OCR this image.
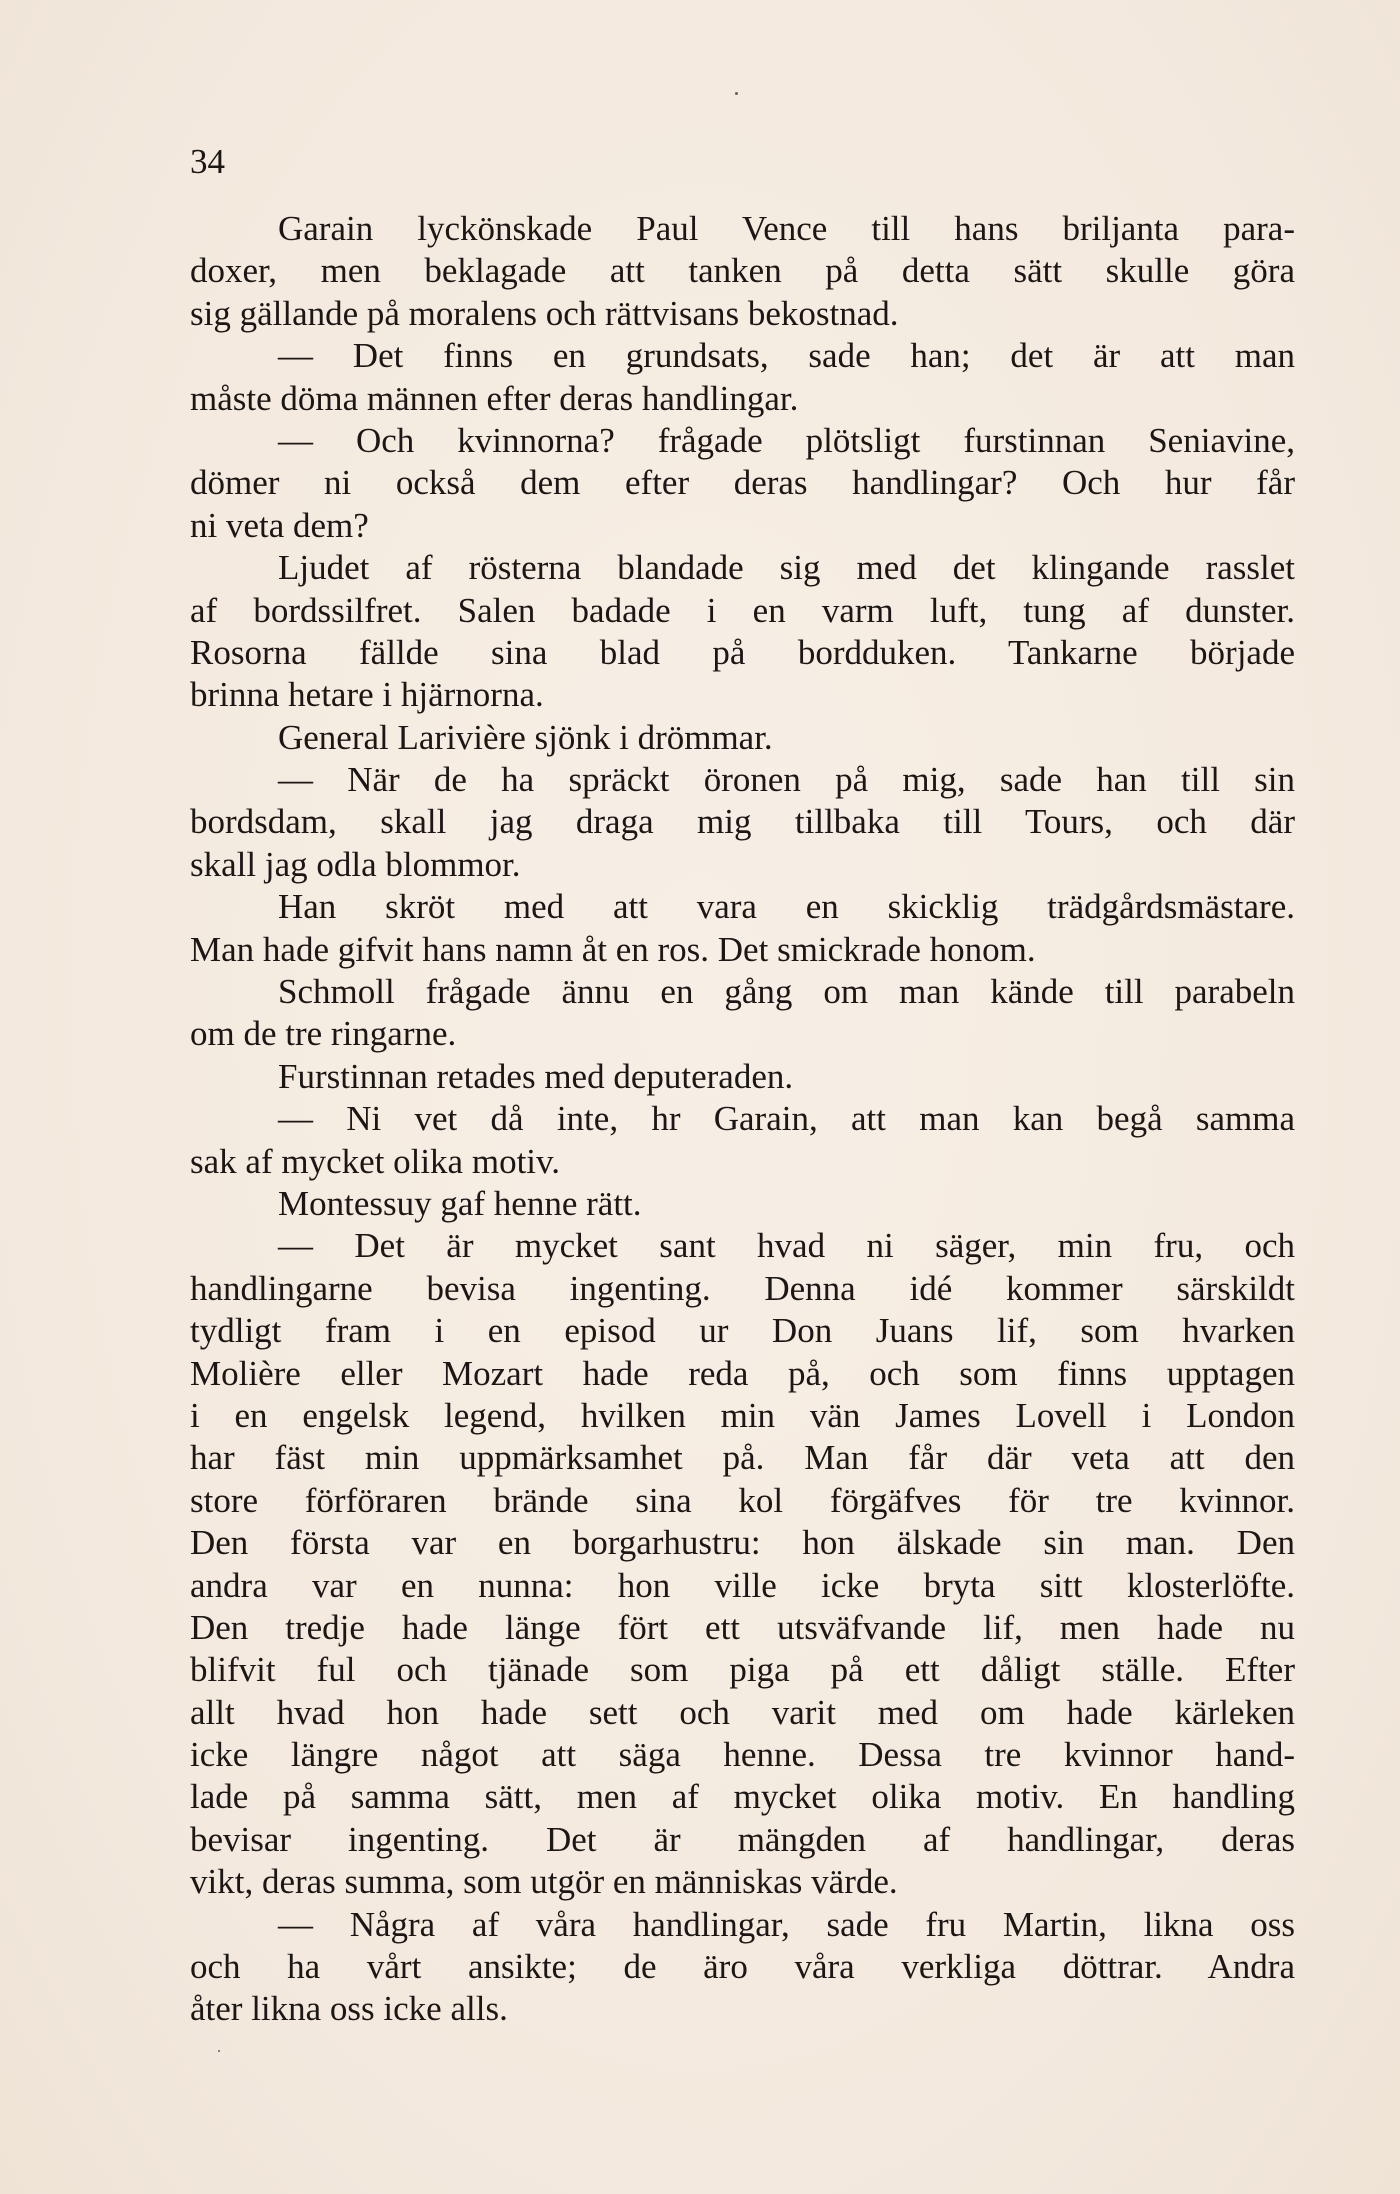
34
Garain lyckönskade Paul Vence till hans briljanta para-
doxer, men beklagade att tanken på detta sätt skulle göra
sig gällande på moralens och rättvisans bekostnad.
— Det finns en grundsats, sade han; det är att man
måste döma männen efter deras handlingar.
— Och kvinnorna? frågade plötsligt furstinnan Seniavine,
dömer ni också dem efter deras handlingar? Och hur får
ni veta dem?
Ljudet af rösterna blandade sig med det klingande rasslet
af bordssilfret. Salen badade i en varm luft, tung af dunster.
Rosorna fällde sina blad på bordduken. Tankarne började
brinna hetare i hjärnorna.
General Larivière sjönk i drömmar.
— När de ha spräckt öronen på mig, sade han till sin
bordsdam, skall jag draga mig tillbaka till Tours, och där
skall jag odla blommor.
Han skröt med att vara en skicklig trädgårdsmästare.
Man hade gifvit hans namn åt en ros. Det smickrade honom.
Schmoll frågade ännu en gång om man kände till parabeln
om de tre ringarne.
Furstinnan retades med deputeraden.
— Ni vet då inte, hr Garain, att man kan begå samma
sak af mycket olika motiv.
Montessuy gaf henne rätt.
— Det är mycket sant hvad ni säger, min fru, och
handlingarne bevisa ingenting. Denna idé kommer särskildt
tydligt fram i en episod ur Don Juans lif, som hvarken
Molière eller Mozart hade reda på, och som finns upptagen
i en engelsk legend, hvilken min vän James Lovell i London
har fäst min uppmärksamhet på. Man får där veta att den
store förföraren brände sina kol förgäfves för tre kvinnor.
Den första var en borgarhustru: hon älskade sin man. Den
andra var en nunna: hon ville icke bryta sitt klosterlöfte.
Den tredje hade länge fört ett utsväfvande lif, men hade nu
blifvit ful och tjänade som piga på ett dåligt ställe. Efter
allt hvad hon hade sett och varit med om hade kärleken
icke längre något att säga henne. Dessa tre kvinnor hand-
lade på samma sätt, men af mycket olika motiv. En handling
bevisar ingenting. Det är mängden af handlingar, deras
vikt, deras summa, som utgör en människas värde.
— Några af våra handlingar, sade fru Martin, likna oss
och ha vårt ansikte; de äro våra verkliga döttrar. Andra
åter likna oss icke alls.
